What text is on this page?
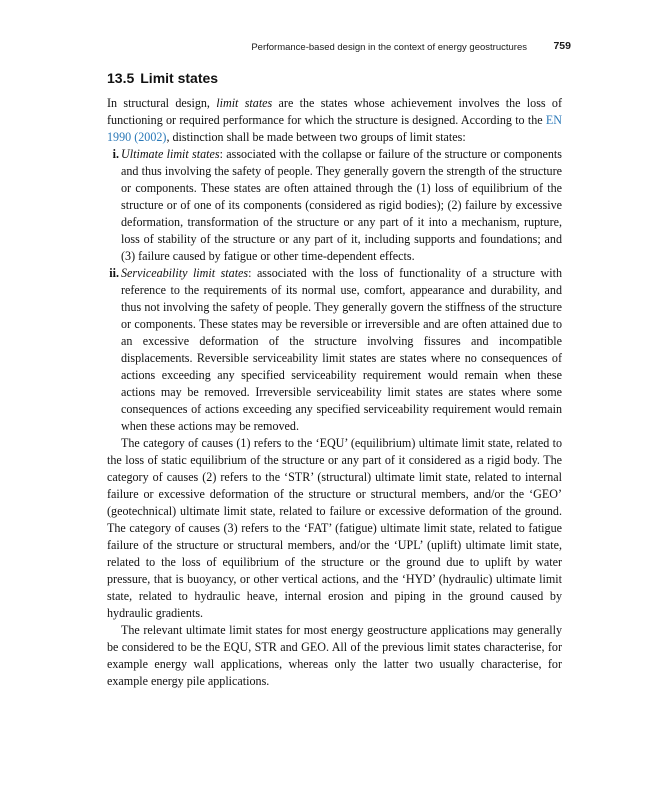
Performance-based design in the context of energy geostructures	759
13.5 Limit states

In structural design, limit states are the states whose achievement involves the loss of functioning or required performance for which the structure is designed. According to the EN 1990 (2002), distinction shall be made between two groups of limit states:

i. Ultimate limit states: associated with the collapse or failure of the structure or components and thus involving the safety of people. They generally govern the strength of the structure or components. These states are often attained through the (1) loss of equilibrium of the structure or of one of its components (considered as rigid bodies); (2) failure by excessive deformation, transformation of the structure or any part of it into a mechanism, rupture, loss of stability of the structure or any part of it, including supports and foundations; and (3) failure caused by fatigue or other time-dependent effects.
ii. Serviceability limit states: associated with the loss of functionality of a structure with reference to the requirements of its normal use, comfort, appearance and durability, and thus not involving the safety of people. They generally govern the stiffness of the structure or components. These states may be reversible or irreversible and are often attained due to an excessive deformation of the structure involving fissures and incompatible displacements. Reversible serviceability limit states are states where no consequences of actions exceeding any specified serviceability requirement would remain when these actions may be removed. Irreversible serviceability limit states are states where some consequences of actions exceeding any specified serviceability requirement would remain when these actions may be removed.

The category of causes (1) refers to the ‘EQU’ (equilibrium) ultimate limit state, related to the loss of static equilibrium of the structure or any part of it considered as a rigid body. The category of causes (2) refers to the ‘STR’ (structural) ultimate limit state, related to internal failure or excessive deformation of the structure or structural members, and/or the ‘GEO’ (geotechnical) ultimate limit state, related to failure or excessive deformation of the ground. The category of causes (3) refers to the ‘FAT’ (fatigue) ultimate limit state, related to fatigue failure of the structure or structural members, and/or the ‘UPL’ (uplift) ultimate limit state, related to the loss of equilibrium of the structure or the ground due to uplift by water pressure, that is buoyancy, or other vertical actions, and the ‘HYD’ (hydraulic) ultimate limit state, related to hydraulic heave, internal erosion and piping in the ground caused by hydraulic gradients.

The relevant ultimate limit states for most energy geostructure applications may generally be considered to be the EQU, STR and GEO. All of the previous limit states characterise, for example energy wall applications, whereas only the latter two usually characterise, for example energy pile applications.
